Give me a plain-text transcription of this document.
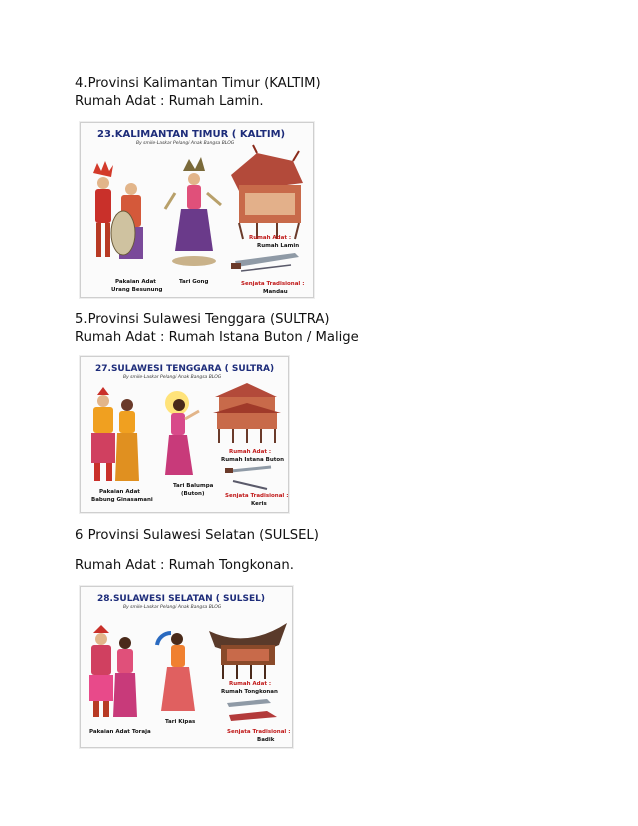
4.Provinsi Kalimantan Timur (KALTIM)

Rumah Adat : Rumah Lamin.

23.KALIMANTAN TIMUR ( KALTIM)
By smile-Laskar Pelangi Anak Bangsa BLOG
Rumah Adat :
Rumah Lamin
Tari Gong
Pakaian Adat
Urang Besunung
Senjata Tradisional :
Mandau

5.Provinsi Sulawesi Tenggara (SULTRA)

Rumah Adat : Rumah Istana Buton / Malige

27.SULAWESI TENGGARA ( SULTRA)
By smile-Laskar Pelangi Anak Bangsa BLOG
Rumah Adat :
Rumah Istana Buton
Tari Balumpa
(Buton)
Pakaian Adat
Babung Ginasamani
Senjata Tradisional :
Keris

6 Provinsi Sulawesi Selatan (SULSEL)

Rumah Adat : Rumah Tongkonan.

28.SULAWESI SELATAN ( SULSEL)
By smile-Laskar Pelangi Anak Bangsa BLOG
Rumah Adat :
Rumah Tongkonan
Tari Kipas
Pakaian Adat Toraja	Senjata Tradisional :
Badik
